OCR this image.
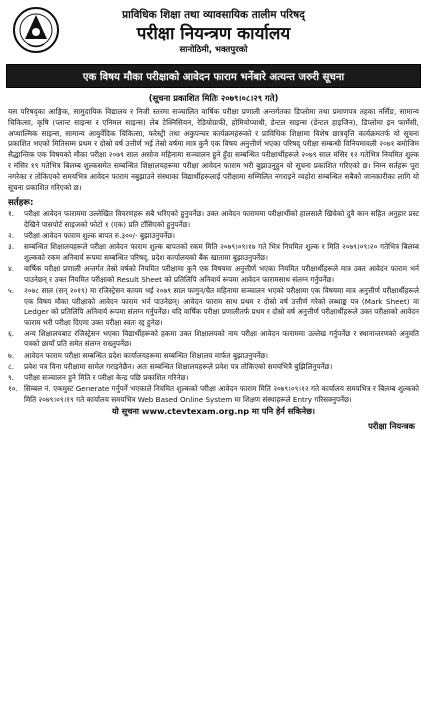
प्राविधिक शिक्षा तथा व्यावसायिक तालीम परिषद्
परीक्षा नियन्त्रण कार्यालय
सानोठिमी, भक्तपुरको
एक विषय मौका परीक्षाको आवेदन फाराम भर्नेबारे अत्यन्त जरुरी सूचना
(सूचना प्रकाशित मितिः २०७९।०८।२९ गते)
यस परिषद्का आङ्गिक, सामुदायिक विद्यालय र निजी स्तरमा सञ्चालित वार्षिक परीक्षा प्रणाली अन्तर्गतका डिप्लोमा तथा प्रमाणपत्र तहका नर्सिङ, सामान्य चिकित्सा, कृषि (प्लान्ट साइन्स र एनिमल साइन्स) लेब टेक्निसियन, रेडियोग्राफी, होमियोप्याथी, डेन्टल साइन्स (डेन्टल हाइजिन), डिप्लोमा इन फार्मेसी, अप्थाल्मिक साइन्स, सामान्य आयुर्वेदिक चिकित्सा, फरेस्ट्री तथा अकुपन्चर कार्यक्रमहरूको र प्राविधिक शिक्षामा विशेष छात्रवृत्ति कार्यक्रमतर्फ यो सूचना प्रकाशित भएको मितिसम्म प्रथम र दोस्रो वर्ष उत्तीर्ण भई तेस्रो वर्षमा मात्र कुनै एक विषय अनुत्तीर्ण भएका परिषद् परीक्षा सम्बन्धी विनियमावली २०७१ बमोजिम सैद्धान्तिक एक विषयको मौका परीक्षा २०७९ साल असोज महिनामा सञ्चालन हुने हुँदा सम्बन्धित परीक्षार्थीहरूले २०७९ साल मंसिर १२ गतेभित्र नियमित शुल्क र मंसिर १९ गतेभित्र बिलम्ब शुल्कसमेत सम्बन्धित शिक्षालयहरूमा परीक्षा आवेदन फाराम भरी बुझाउनुहुन यो सूचना प्रकाशित गरिएको छ। निम्न सर्तहरू पूरा नगरेका र तोकिएको समयभित्र आवेदन फाराम नबुझाउने संस्थाका विद्यार्थीहरूलाई परीक्षामा सम्मिलित नगराइने व्यहोरा सम्बन्धित सबैको जानकारीका लागि यो सूचना प्रकाशित गरिएको छ।
सर्तहरू:
१.	परीक्षा आवेदन फाराममा उल्लेखित विवरणहरू सबै भरिएको हुनुपर्नेछ। उक्त आवेदन फाराममा परीक्षार्थीको हालसालै खिचेको दुवै कान सहित अनुहार प्रस्ट देखिने पासपोर्ट साइजको फोटो १ (एक) प्रति टाँसिएको हुनुपर्नेछ।
२.	परीक्षा आवेदन फाराम शुल्क बापत रु.३००/- बुझाउनुपर्नेछ।
३.	सम्बन्धित शिक्षालयहरूले परीक्षा आवेदन फाराम शुल्क बापतको रकम मिति २०७९।०९।१७ गते भित्र नियमित शुल्क र मिति २०७९।०९।२० गतेभित्र बिलम्ब शुल्कको रकम अनिवार्य रूपमा सम्बन्धित परिषद्, प्रदेश कार्यालयको बैंक खातामा बुझाउनुपर्नेछ।
४.	वार्षिक परीक्षा प्रणाली अन्तर्गत तेस्रो वर्षको नियमित परीक्षामा कुनै एक विषयमा अनुत्तीर्ण भएका नियमित परीक्षार्थीहरूले मात्र उक्त आवेदन फाराम भर्न पाउनेछन् र उक्त नियमित परीक्षाको Result Sheet को प्रतिलिपि अनिवार्य रूपमा आवेदन फारामसाथ संलग्न गर्नुपर्नेछ।
५.	२०७८ साल (सन् २०१९) मा रजिस्ट्रेसन कायम भई २०७९ साल फागुन/चैत महिनामा सञ्चालन भएको परीक्षामा एक विषयमा मात्र अनुत्तीर्ण परीक्षार्थीहरूले एक विषय मौका परीक्षाको आवेदन फाराम भर्न पाउनेछन्। आवेदन फाराम साथ प्रथम र दोस्रो वर्ष उत्तीर्ण गरेको लब्धाङ्क पत्र (Mark Sheet) वा Ledger को प्रतिलिपि अनिवार्य रूपमा संलग्न गर्नुपर्नेछ। यदि वार्षिक परीक्षा प्रणालीतर्फ प्रथम र दोस्रो वर्ष अनुत्तीर्ण परीक्षार्थीहरूले उक्त परीक्षाको आवेदन फाराम भरी परीक्षा दिएमा उक्त परीक्षा स्वतः रद्द हुनेछ।
६.	अन्य शिक्षालयबाट रजिस्ट्रेसन भएका विद्यार्थीहरूको हकमा उक्त शिक्षालयको नाम परीक्षा आवेदन फाराममा उल्लेख गर्नुपर्नेछ र स्थानान्तरणको अनुमति पत्रको छायाँ प्रति समेत संलग्न राख्नुपर्नेछ।
७.	आवेदन फाराम परीक्षा सम्बन्धित प्रदेश कार्यालयहरूमा सम्बन्धित शिक्षालय मार्फत बुझाउनुपर्नेछ।
८.	प्रवेश पत्र विना परीक्षामा सामेल गराइनेछैन। अतः सम्बन्धित शिक्षालयहरूले प्रवेश पत्र तोकिएको समयभित्रै बुझिलिनुपर्नेछ।
९.	परीक्षा सञ्चालन हुने मिति र परीक्षा केन्द्र पछि प्रकाशित गरिनेछ।
१०. सिम्बल नं. एकमुस्ट Generate गर्नुपर्ने भएकाले नियमित शुल्कको परीक्षा आवेदन फाराम मिति २०७९।०९।१२ गते कार्यालय समयभित्र र बिलम्ब शुल्कको मिति २०७९।०९।१९ गते कार्यालय समयभित्र Web Based Online System मा शिक्षण संस्थाहरूले Entry गरिसक्नुपर्नेछ।
यो सूचना www.ctevtexam.org.np मा पनि हेर्न सकिनेछ।
परीक्षा नियन्त्रक
